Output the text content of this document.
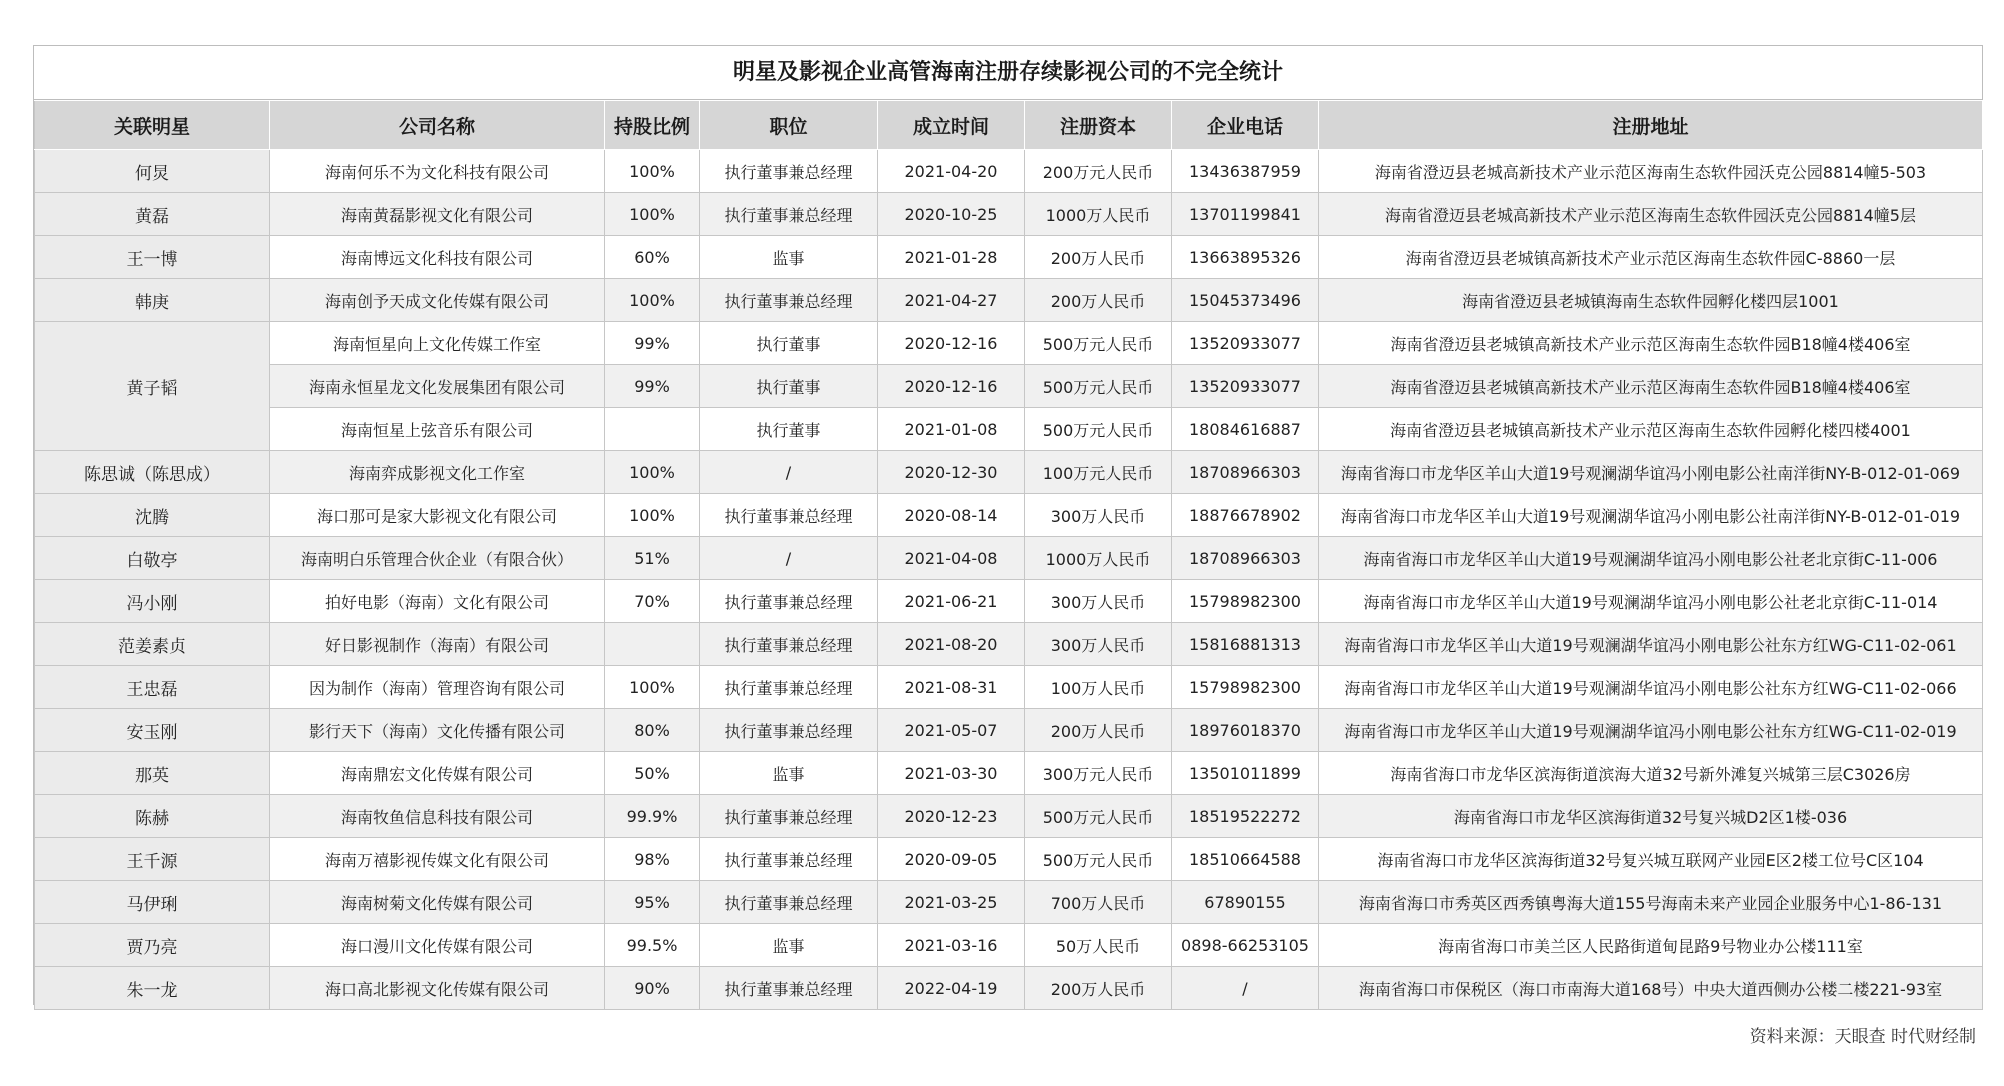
明星及影视企业高管海南注册存续影视公司的不完全统计
关联明星	公司名称	持股比例	职位	成立时间	注册资本	企业电话	注册地址
何炅	海南何乐不为文化科技有限公司	100%	执行董事兼总经理	2021-04-20	200万元人民币	13436387959	海南省澄迈县老城高新技术产业示范区海南生态软件园沃克公园8814幢5-503
黄磊	海南黄磊影视文化有限公司	100%	执行董事兼总经理	2020-10-25	1000万人民币	13701199841	海南省澄迈县老城高新技术产业示范区海南生态软件园沃克公园8814幢5层
王一博	海南博远文化科技有限公司	60%	监事	2021-01-28	200万人民币	13663895326	海南省澄迈县老城镇高新技术产业示范区海南生态软件园C-8860一层
韩庚	海南创予天成文化传媒有限公司	100%	执行董事兼总经理	2021-04-27	200万人民币	15045373496	海南省澄迈县老城镇海南生态软件园孵化楼四层1001
黄子韬	海南恒星向上文化传媒工作室	99%	执行董事	2020-12-16	500万元人民币	13520933077	海南省澄迈县老城镇高新技术产业示范区海南生态软件园B18幢4楼406室
	海南永恒星龙文化发展集团有限公司	99%	执行董事	2020-12-16	500万元人民币	13520933077	海南省澄迈县老城镇高新技术产业示范区海南生态软件园B18幢4楼406室
	海南恒星上弦音乐有限公司		执行董事	2021-01-08	500万元人民币	18084616887	海南省澄迈县老城镇高新技术产业示范区海南生态软件园孵化楼四楼4001
陈思诚（陈思成）	海南弈成影视文化工作室	100%	/	2020-12-30	100万元人民币	18708966303	海南省海口市龙华区羊山大道19号观澜湖华谊冯小刚电影公社南洋街NY-B-012-01-069
沈腾	海口那可是家大影视文化有限公司	100%	执行董事兼总经理	2020-08-14	300万人民币	18876678902	海南省海口市龙华区羊山大道19号观澜湖华谊冯小刚电影公社南洋街NY-B-012-01-019
白敬亭	海南明白乐管理合伙企业（有限合伙）	51%	/	2021-04-08	1000万人民币	18708966303	海南省海口市龙华区羊山大道19号观澜湖华谊冯小刚电影公社老北京街C-11-006
冯小刚	拍好电影（海南）文化有限公司	70%	执行董事兼总经理	2021-06-21	300万人民币	15798982300	海南省海口市龙华区羊山大道19号观澜湖华谊冯小刚电影公社老北京街C-11-014
范姜素贞	好日影视制作（海南）有限公司		执行董事兼总经理	2021-08-20	300万人民币	15816881313	海南省海口市龙华区羊山大道19号观澜湖华谊冯小刚电影公社东方红WG-C11-02-061
王忠磊	因为制作（海南）管理咨询有限公司	100%	执行董事兼总经理	2021-08-31	100万人民币	15798982300	海南省海口市龙华区羊山大道19号观澜湖华谊冯小刚电影公社东方红WG-C11-02-066
安玉刚	影行天下（海南）文化传播有限公司	80%	执行董事兼总经理	2021-05-07	200万人民币	18976018370	海南省海口市龙华区羊山大道19号观澜湖华谊冯小刚电影公社东方红WG-C11-02-019
那英	海南鼎宏文化传媒有限公司	50%	监事	2021-03-30	300万元人民币	13501011899	海南省海口市龙华区滨海街道滨海大道32号新外滩复兴城第三层C3026房
陈赫	海南牧鱼信息科技有限公司	99.9%	执行董事兼总经理	2020-12-23	500万元人民币	18519522272	海南省海口市龙华区滨海街道32号复兴城D2区1楼-036
王千源	海南万禧影视传媒文化有限公司	98%	执行董事兼总经理	2020-09-05	500万元人民币	18510664588	海南省海口市龙华区滨海街道32号复兴城互联网产业园E区2楼工位号C区104
马伊琍	海南树菊文化传媒有限公司	95%	执行董事兼总经理	2021-03-25	700万人民币	67890155	海南省海口市秀英区西秀镇粤海大道155号海南未来产业园企业服务中心1-86-131
贾乃亮	海口漫川文化传媒有限公司	99.5%	监事	2021-03-16	50万人民币	0898-66253105	海南省海口市美兰区人民路街道甸昆路9号物业办公楼111室
朱一龙	海口高北影视文化传媒有限公司	90%	执行董事兼总经理	2022-04-19	200万人民币	/	海南省海口市保税区（海口市南海大道168号）中央大道西侧办公楼二楼221-93室
资料来源：天眼查 时代财经制
